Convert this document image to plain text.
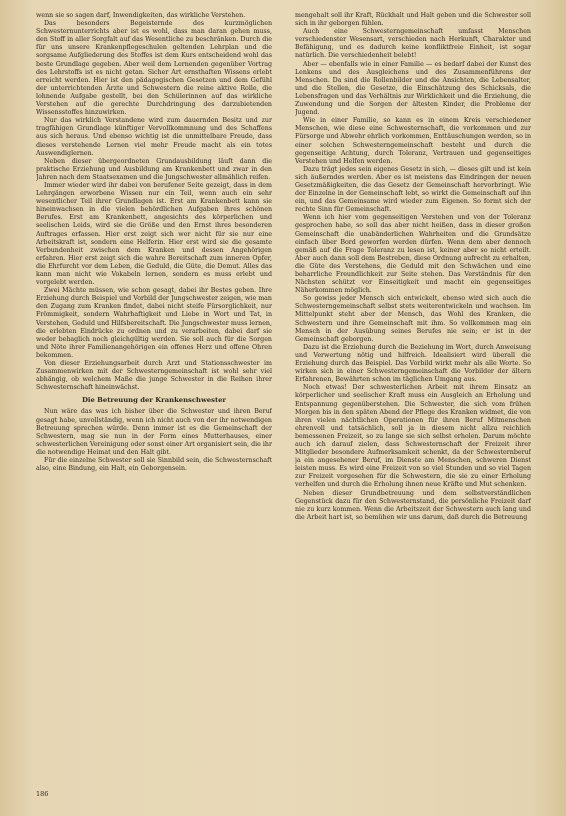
wenn sie so sagen darf, Inwendigkeiten, das wirkliche Verstehen.

Das besonders Begeisternde des kurzmöglichen Schwesternunterrichts aber ist es wohl, dass man daran gehen muss, den Stoff in aller Sorgfalt auf das Wesentliche zu beschränken. Durch die für uns unsere Krankenpflegeschulen geltenden Lehrplan und die sorgsame Aufgliederung des Stoffes ist dem Kurs entscheidend wohl das beste Grundlage gegeben. Aber weil dem Lernenden gegenüber Vortrag des Lehrstoffs ist es nicht getan. Sicher Art ernsthaften Wissens erlebt erreicht werden. Hier ist den pädagogischen Gesetzen und dem Gefühl der unterrichtenden Ärzte und Schwestern die reine aktive Rolle, die lohnende Aufgabe gestellt, bei den Schülerinnen auf das wirkliche Verstehen auf die gerechte Durchdringung des darzubietenden Wissensstoffes hinzuwirken.

Nur das wirklich Verstandene wird zum dauernden Besitz und zur tragfähigen Grundlage künftiger Vervollkommnung und des Schaffens aus sich heraus. Und ebenso wichtig ist die unmittelbare Freude, dass dieses verstehende Lernen viel mehr Freude macht als ein totes Auswendiglernen.

Neben dieser übergeordneten Grundausbildung läuft dann die praktische Erziehung und Ausbildung am Krankenbett und zwar in den Jahren nach dem Staatsexamen und die Jungschwester allmählich reifen.

Immer wieder wird ihr dabei von berufener Seite gezeigt, dass in dem Lehrgängen erworbene Wissen nur ein Teil, wenn auch ein sehr wesentlicher Teil ihrer Grundlagen ist. Erst am Krankenbett kann sie hineinwachsen in die vielen behördlichen Aufgaben ihres schönen Berufes. Erst am Krankenbett, angesichts des körperlichen und seelischen Leids, wird sie die Größe und den Ernst ihres besonderen Auftrages erfassen. Hier erst zeigt sich wer nicht für sie nur eine Arbeitskraft ist, sondern eine Helferin. Hier erst wird sie die gesamte Verbundenheit zwischen dem Kranken und dessen Angehörigen erfahren. Hier erst zeigt sich die wahre Bereitschaft zum inneren Opfer, die Ehrfurcht vor dem Leben, die Geduld, die Güte, die Demut. Alles das kann man nicht wie Vokabeln lernen, sondern es muss erlebt und vorgelebt werden.

Zwei Mächte müssen, wie schon gesagt, dabei ihr Bestes geben. Ihre Erziehung durch Beispiel und Vorbild der Jungschwester zeigen, wie man den Zugang zum Kranken findet, dabei nicht steife Fürsorglichkeit, nur Frömmigkeit, sondern Wahrhaftigkeit und Liebe in Wort und Tat, in Verstehen, Geduld und Hilfsbereitschaft. Die Jungschwester muss lernen, die erlebten Eindrücke zu ordnen und zu verarbeiten, dabei darf sie weder behaglich noch gleichgültig werden. Sie soll auch für die Sorgen und Nöte ihrer Familienangehörigen ein offenes Herz und offene Ohren bekommen.

Von dieser Erziehungsarbeit durch Arzt und Stationsschwester im Zusammenwirken mit der Schwesterngemeinschaft ist wohl sehr viel abhängig, ob welchem Maße die junge Schwester in die Reihen ihrer Schwesternschaft hineinwächst.

Die Betreuung der Krankenschwester

Nun wäre das was ich bisher über die Schwester und ihren Beruf gesagt habe, unvollständig, wenn ich nicht auch von der ihr notwendigen Betreuung sprechen würde. Denn immer ist es die Gemeinschaft der Schwestern, mag sie nun in der Form eines Mutterhauses, einer schwesterlichen Vereinigung oder sonst einer Art organisiert sein, die ihr die notwendige Heimat und den Halt gibt.

Für die einzelne Schwester soll sie Sinnbild sein, die Schwesternschaft also, eine Bindung, ein Halt, ein Geborgensein.

mengehalt soll ihr Kraft, Rückhalt und Halt geben und die Schwester soll sich in ihr geborgen fühlen.

Auch eine Schwesterngemeinschaft umfasst Menschen verschiedenster Wesensart, verschieden nach Herkunft, Charakter und Befähigung, und es dadurch keine konfliktfreie Einheit, ist sogar natürlich. Die verschiedenheit belebt!

Aber — ebenfalls wie in einer Familie — es bedarf dabei der Kunst des Lenkens und des Ausgleichens und des Zusammenführens der Menschen. Da sind die Rollenbilder und die Ansichten, die Lebensalter, und die Stellen, die Gesetze, die Einschätzung des Schicksals, die Lebensfragen und das Verhältnis zur Wirklichkeit und die Erziehung, die Zuwendung und die Sorgen der ältesten Kinder, die Probleme der Jugend.

Wie in einer Familie, so kann es in einem Kreis verschiedener Menschen, wie diese eine Schwesternschaft, die vorkommen und zur Fürsorge und Abwehr ehrlich vorkommen, Enttäuschungen werden, so in einer solchen Schwesterngemeinschaft besteht und durch die gegenseitige Achtung, durch Toleranz, Vertrauen und gegenseitiges Verstehen und Helfen werden.

Dazu trägt jedes sein eigenes Gesetz in sich, — dieses gilt und ist kein sich äußerndes werden. Aber es ist meistens das Eindringen der neuen Gesetzmäßigkeiten, die das Gesetz der Gemeinschaft hervorbringt. Wie der Einzelne in der Gemeinschaft lebt, so wirkt die Gemeinschaft auf ihn ein, und das Gemeinsame wird wieder zum Eigenen. So formt sich der rechte Sinn für Gemeinschaft.

Wenn ich hier vom gegenseitigen Verstehen und von der Toleranz gesprochen habe, so soll das aber nicht heißen, dass in dieser großen Gemeinschaft die unabänderlichen Wahrheiten und die Grundsätze einfach über Bord geworfen werden dürfen. Wenn dem aber dennoch gemäß auf die Frage Toleranz zu lesen ist, keiner aber so nicht erteilt. Aber auch dann soll dem Bestreben, diese Ordnung aufrecht zu erhalten, die Güte des Verstehens, die Geduld mit den Schwächen und eine beharrliche Freundlichkeit zur Seite stehen. Das Verständnis für den Nächsten schützt vor Einseitigkeit und macht ein gegenseitiges Näherkommen möglich.

So gewiss jeder Mensch sich entwickelt, ebenso wird sich auch die Schwesterngemeinschaft selbst stets weiterentwickeln und wachsen. Im Mittelpunkt steht aber der Mensch, das Wohl des Kranken, die Schwestern und ihre Gemeinschaft mit ihm. So vollkommen mag ein Mensch in der Ausübung seines Berufes nie sein; er ist in der Gemeinschaft geborgen.

Dazu ist die Erziehung durch die Beziehung im Wort, durch Anweisung und Verwertung nötig und hilfreich. Idealisiert wird überall die Erziehung durch das Beispiel. Das Vorbild wirkt mehr als alle Worte. So wirken sich in einer Schwesterngemeinschaft die Vorbilder der ältern Erfahrenen, Bewährten schon im täglichen Umgang aus.

Noch etwas! Der schwesterlichen Arbeit mit ihrem Einsatz an körperlicher und seelischer Kraft muss ein Ausgleich an Erholung und Entspannung gegenüberstehen. Die Schwester, die sich vom frühen Morgen bis in den späten Abend der Pflege des Kranken widmet, die von ihren vielen nächtlichen Operationen für ihren Beruf Mitmenschen ehrenvoll und tatsächlich, soll ja in diesem nicht allzu reichlich bemessenen Freizeit, so zu lange sie sich selbst erholen. Darum möchte auch ich darauf zielen, dass Schwesternschaft der Freizeit ihrer Mitglieder besondere Aufmerksamkeit schenkt, da der Schwesternberuf ja ein angesehener Beruf, im Dienste am Menschen, schweren Dienst leisten muss. Es wird eine Freizeit von so viel Stunden und so viel Tagen zur Freizeit vorgesehen für die Schwestern, die sie zu einer Erholung verhelfen und durch die Erholung ihnen neue Kräfte und Mut schenken.

Neben dieser Grundbetreuung und dem selbstverständlichen Gegenstück dazu für den Schwesternstand, die persönliche Freizeit darf nie zu kurz kommen. Wenn die Arbeitszeit der Schwestern auch lang und die Arbeit hart ist, so bemühen wir uns darum, daß durch die Betreuung

186
